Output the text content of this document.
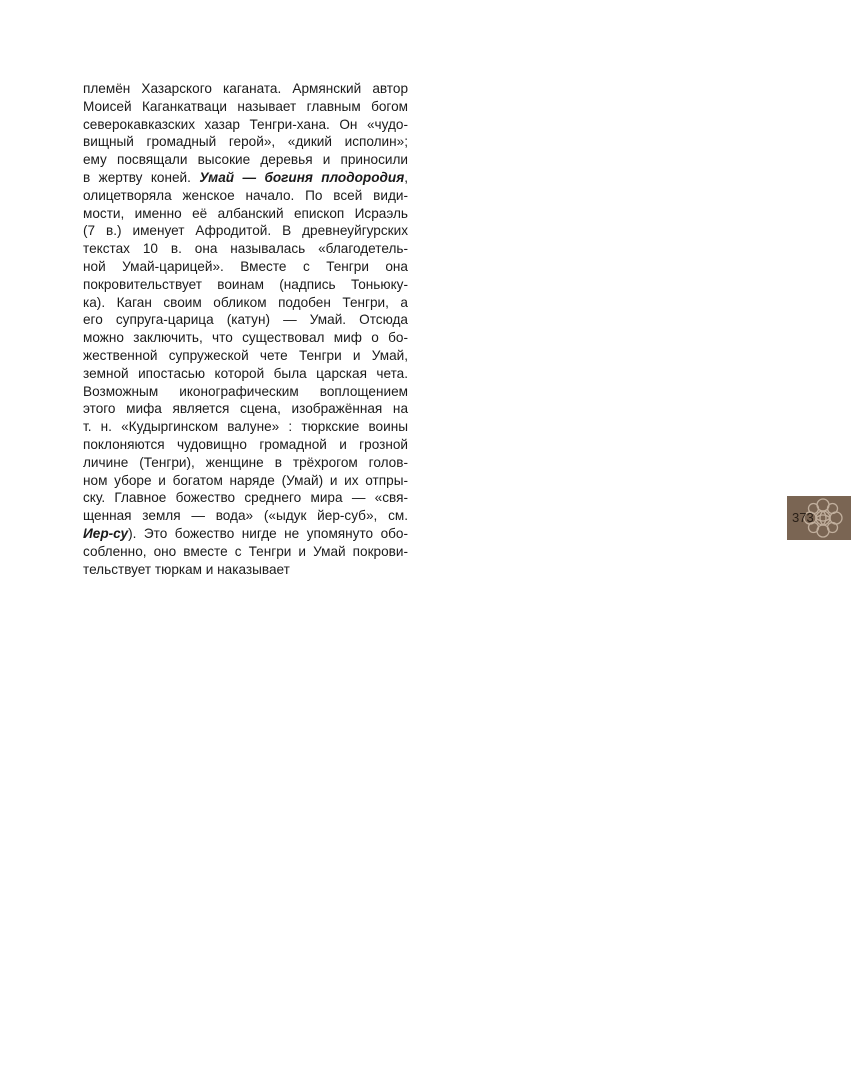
племён Хазарского каганата. Армянский автор
Моисей Каганкатваци называет главным богом
северокавказских хазар Тенгри-хана. Он «чудо-
вищный громадный герой», «дикий исполин»;
ему посвящали высокие деревья и приносили
в жертву коней. Умай — богиня плодородия,
олицетворяла женское начало. По всей види-
мости, именно её албанский епископ Исраэль
(7 в.) именует Афродитой. В древнеуйгурских
текстах 10 в. она называлась «благодетель-
ной Умай-царицей». Вместе с Тенгри она
покровительствует воинам (надпись Тоньюку-
ка). Каган своим обликом подобен Тенгри, а
его супруга-царица (катун) — Умай. Отсюда
можно заключить, что существовал миф о бо-
жественной супружеской чете Тенгри и Умай,
земной ипостасью которой была царская чета.
Возможным иконографическим воплощением
этого мифа является сцена, изображённая на
т. н. «Кудыргинском валуне» : тюркские воины
поклоняются чудовищно громадной и грозной
личине (Тенгри), женщине в трёхрогом голов-
ном уборе и богатом наряде (Умай) и их отпры-
ску. Главное божество среднего мира — «свя-
щенная земля — вода» («ыдук йер-суб», см.
Иер-су). Это божество нигде не упомянуто обо-
собленно, оно вместе с Тенгри и Умай покрови-
тельствует тюркам и наказывает
373
